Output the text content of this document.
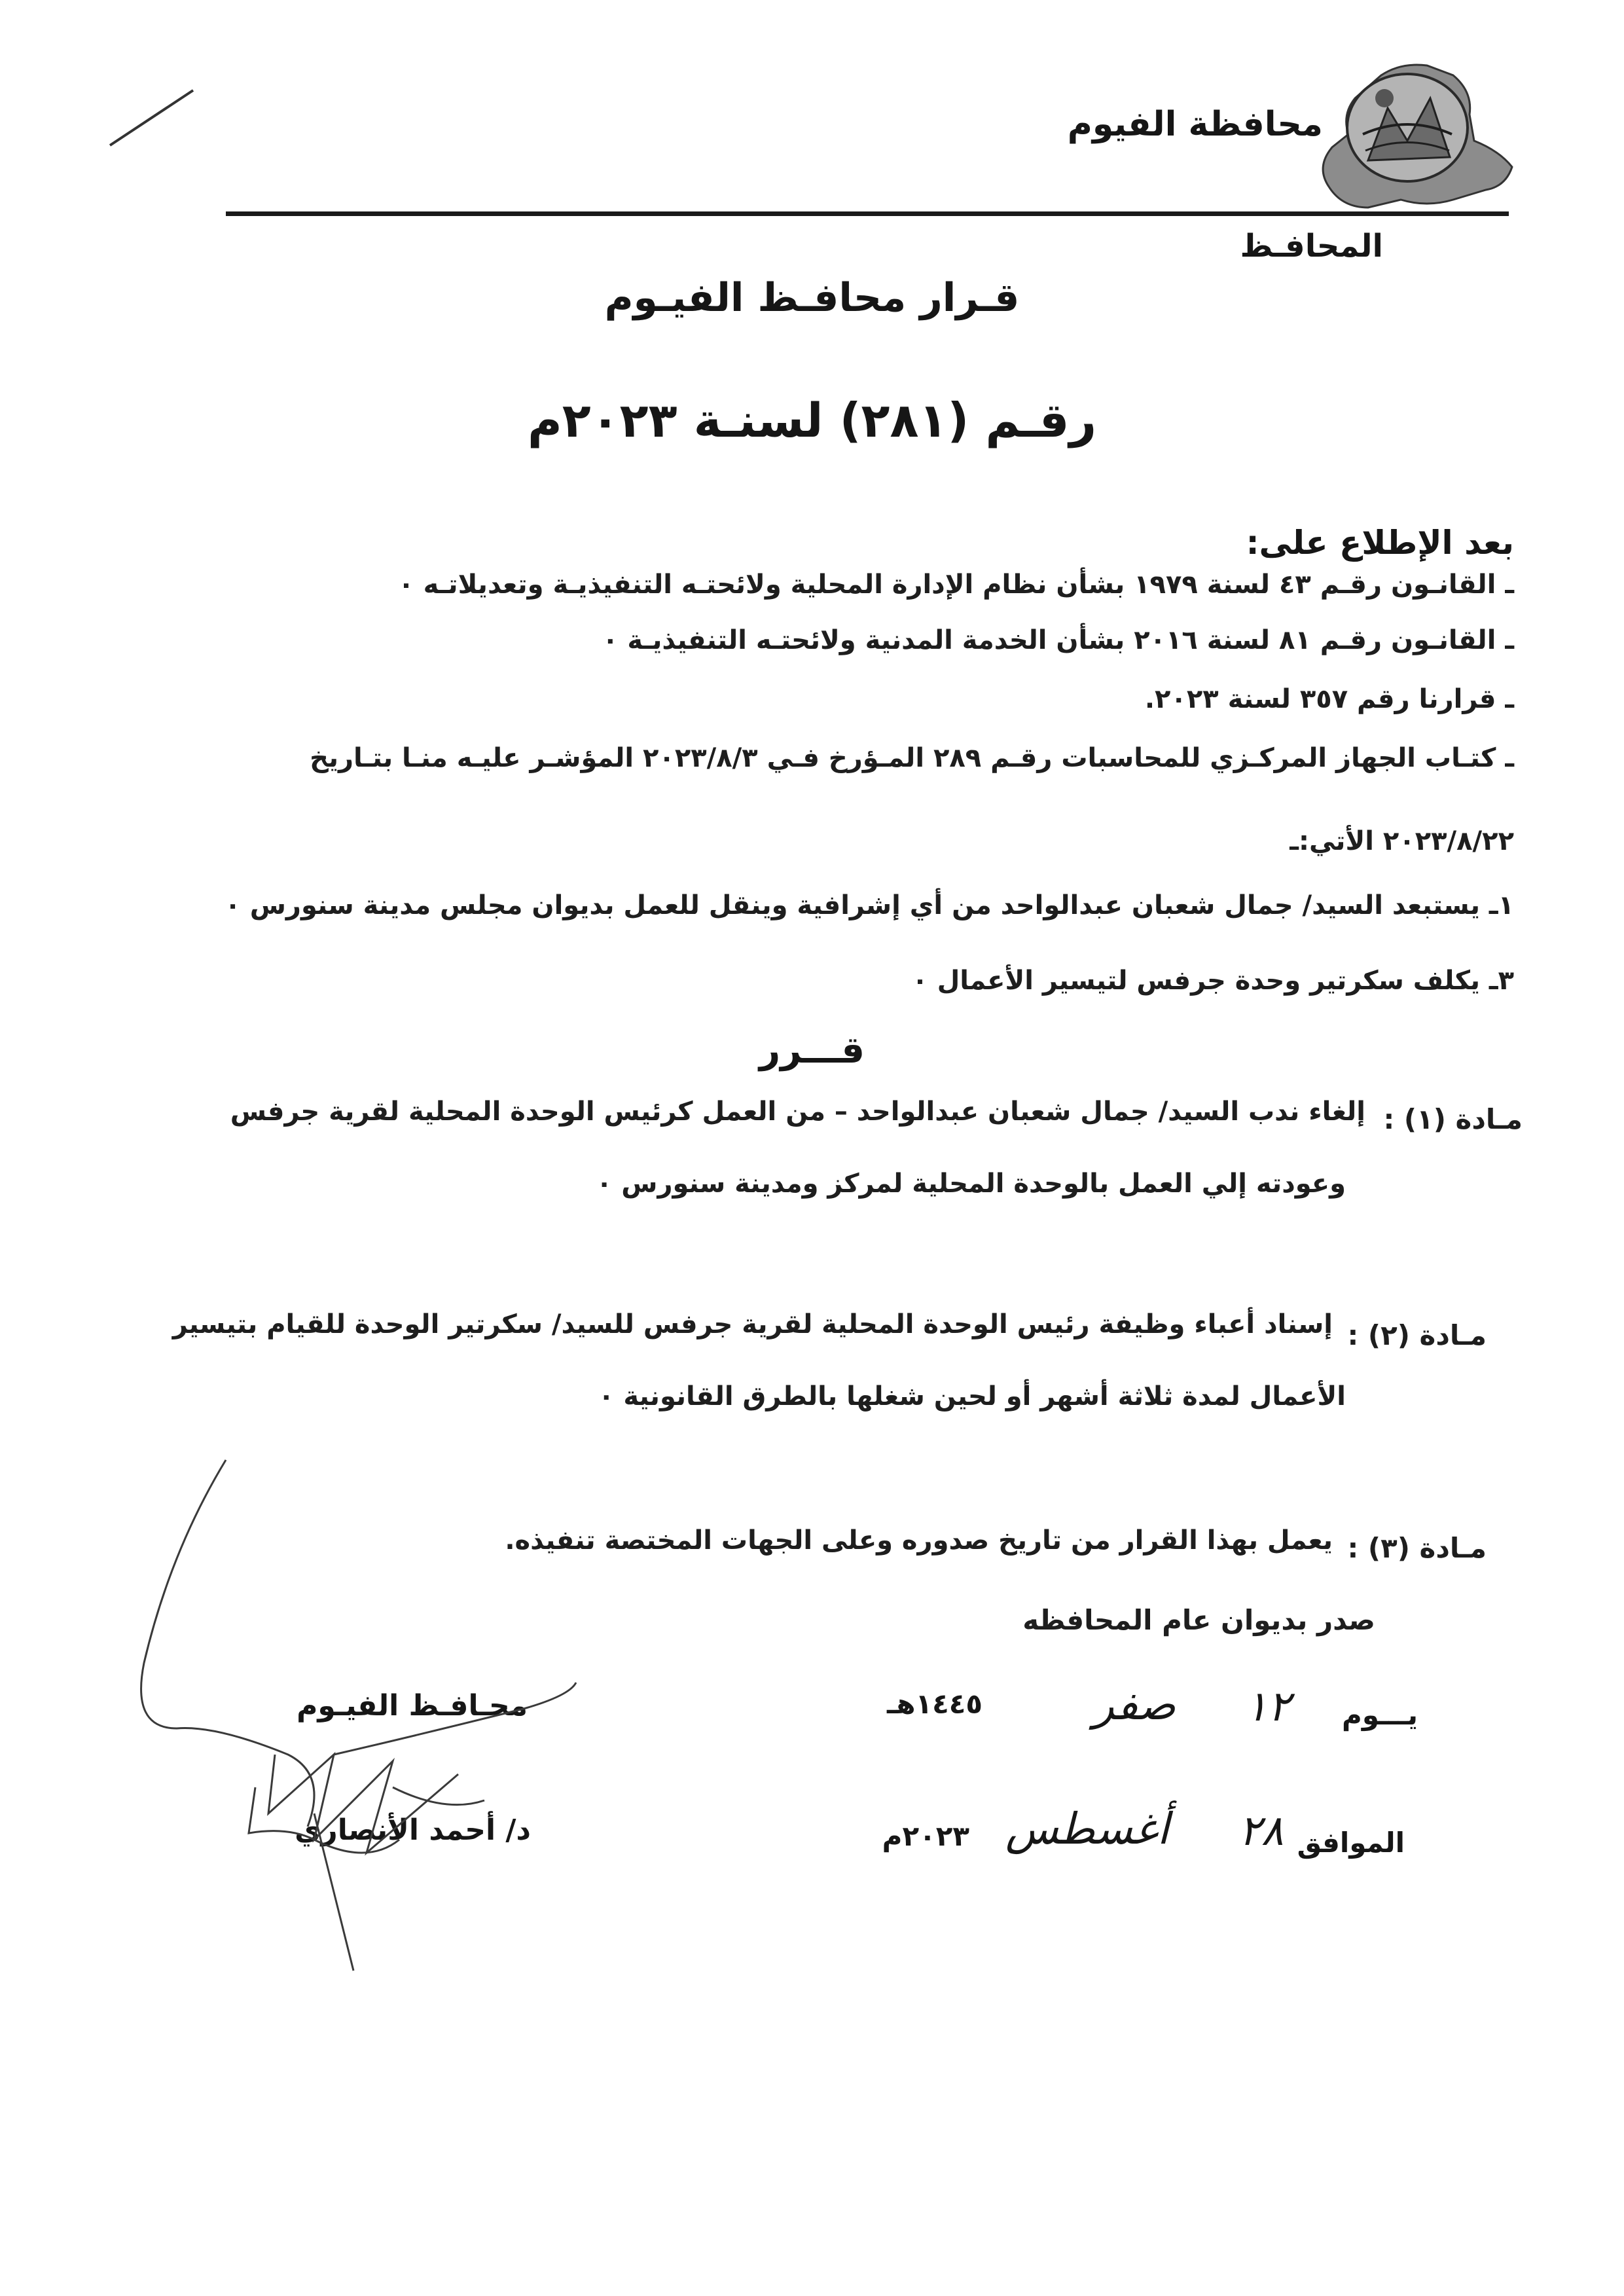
محافظة الفيوم
المحافـظ
قـرار محافـظ الفيـوم
رقـم (٢٨١) لسنـة ٢٠٢٣م
بعد الإطلاع على:
ـ القانـون رقـم ٤٣ لسنة ١٩٧٩ بشأن نظام الإدارة المحلية ولائحتـه التنفيذيـة وتعديلاتـه ٠
ـ القانـون رقـم ٨١ لسنة ٢٠١٦ بشأن الخدمة المدنية ولائحتـه التنفيذيـة ٠
ـ قرارنا رقم ٣٥٧ لسنة ٢٠٢٣.
ـ كتـاب الجهاز المركـزي للمحاسبات رقـم ٢٨٩ المـؤرخ فـي ٢٠٢٣/٨/٣ المؤشـر عليـه منـا بتـاريخ
٢٠٢٣/٨/٢٢ الأتي:ـ
١ـ يستبعد السيد/ جمال شعبان عبدالواحد من أي إشرافية وينقل للعمل بديوان مجلس مدينة سنورس ٠
٣ـ يكلف سكرتير وحدة جرفس لتيسير الأعمال ٠
قـــرر
مـادة (١) :
إلغاء ندب السيد/ جمال شعبان عبدالواحد – من العمل كرئيس الوحدة المحلية لقرية جرفس
وعودته إلي العمل بالوحدة المحلية لمركز ومدينة سنورس ٠
مـادة (٢) :
إسناد أعباء وظيفة رئيس الوحدة المحلية لقرية جرفس للسيد/ سكرتير الوحدة للقيام بتيسير
الأعمال لمدة ثلاثة أشهر أو لحين شغلها بالطرق القانونية ٠
مـادة (٣) :
يعمل بهذا القرار من تاريخ صدوره وعلى الجهات المختصة تنفيذه.
صدر بديوان عام المحافظه
يـــوم
١٢
صفر
١٤٤٥هـ
الموافق
٢٨
أغسطس
٢٠٢٣م
محـافـظ الفيـوم
د/ أحمد الأنصاري
